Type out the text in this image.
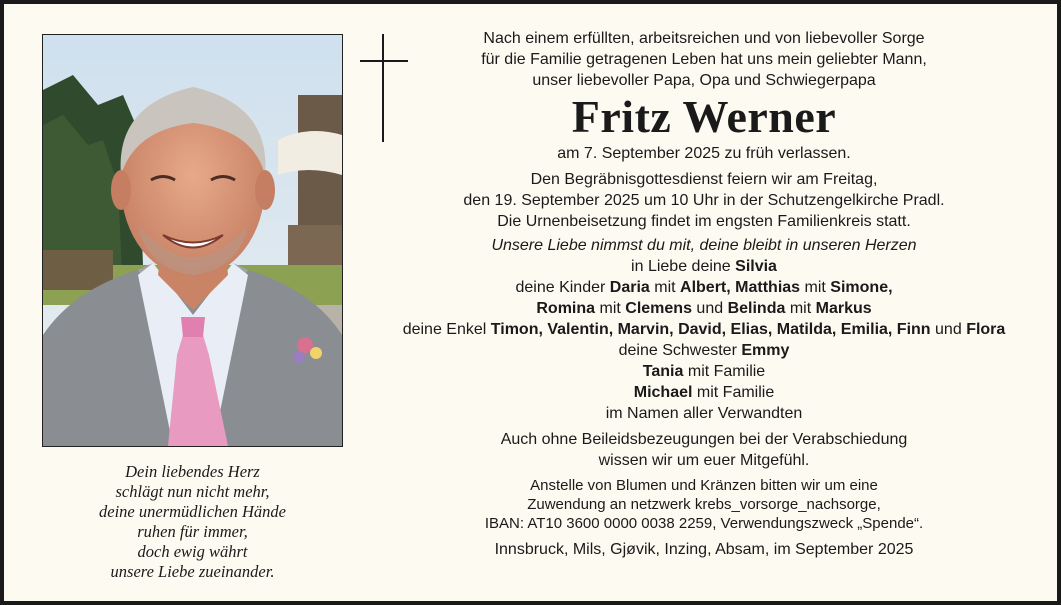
Dein liebendes Herz
schlägt nun nicht mehr,
deine unermüdlichen Hände
ruhen für immer,
doch ewig währt
unsere Liebe zueinander.

Nach einem erfüllten, arbeitsreichen und von liebevoller Sorge

für die Familie getragenen Leben hat uns mein geliebter Mann,

unser liebevoller Papa, Opa und Schwiegerpapa

Fritz Werner

am 7. September 2025 zu früh verlassen.

Den Begräbnisgottesdienst feiern wir am Freitag,

den 19. September 2025 um 10 Uhr in der Schutzengelkirche Pradl.

Die Urnenbeisetzung findet im engsten Familienkreis statt.

Unsere Liebe nimmst du mit, deine bleibt in unseren Herzen

in Liebe deine Silvia

deine Kinder Daria mit Albert, Matthias mit Simone,

Romina mit Clemens und Belinda mit Markus

deine Enkel Timon, Valentin, Marvin, David, Elias, Matilda, Emilia, Finn und Flora

deine Schwester Emmy

Tania mit Familie

Michael mit Familie

im Namen aller Verwandten

Auch ohne Beileidsbezeugungen bei der Verabschiedung

wissen wir um euer Mitgefühl.

Anstelle von Blumen und Kränzen bitten wir um eine

Zuwendung an netzwerk krebs_vorsorge_nachsorge,

IBAN: AT10 3600 0000 0038 2259, Verwendungszweck „Spende“.

Innsbruck, Mils, Gjøvik, Inzing, Absam, im September 2025
